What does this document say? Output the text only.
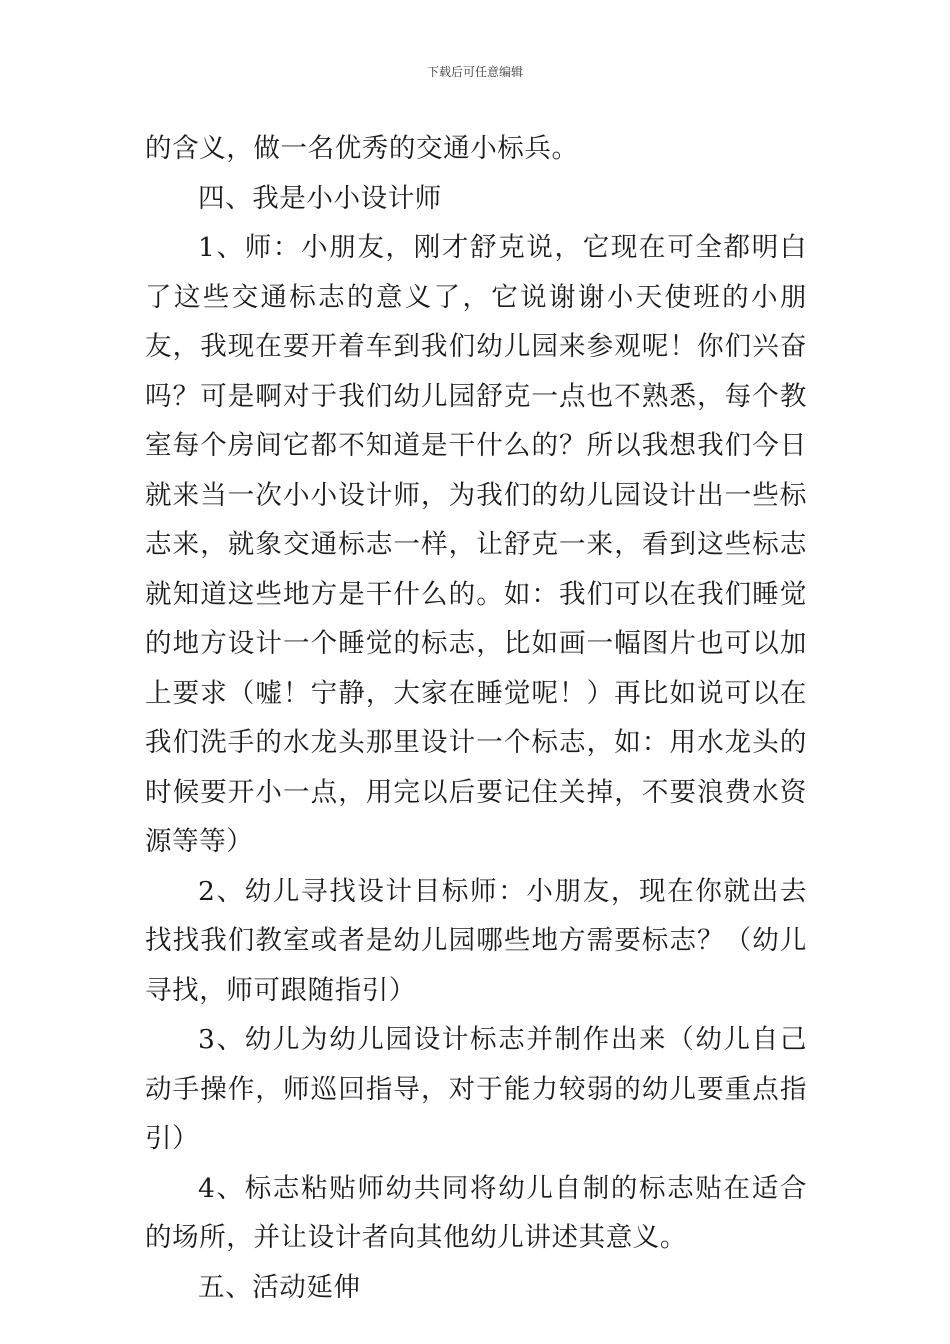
下载后可任意编辑

的含义，做一名优秀的交通小标兵。

四、我是小小设计师

1、师：小朋友，刚才舒克说，它现在可全都明白了这些交通标志的意义了，它说谢谢小天使班的小朋友，我现在要开着车到我们幼儿园来参观呢！你们兴奋吗？可是啊对于我们幼儿园舒克一点也不熟悉，每个教室每个房间它都不知道是干什么的？所以我想我们今日就来当一次小小设计师，为我们的幼儿园设计出一些标志来，就象交通标志一样，让舒克一来，看到这些标志就知道这些地方是干什么的。如：我们可以在我们睡觉的地方设计一个睡觉的标志，比如画一幅图片也可以加上要求（嘘！宁静，大家在睡觉呢！）再比如说可以在我们洗手的水龙头那里设计一个标志，如：用水龙头的时候要开小一点，用完以后要记住关掉，不要浪费水资源等等）

2、幼儿寻找设计目标师：小朋友，现在你就出去找找我们教室或者是幼儿园哪些地方需要标志？（幼儿寻找，师可跟随指引）

3、幼儿为幼儿园设计标志并制作出来（幼儿自己动手操作，师巡回指导，对于能力较弱的幼儿要重点指引）

4、标志粘贴师幼共同将幼儿自制的标志贴在适合的场所，并让设计者向其他幼儿讲述其意义。

五、活动延伸
